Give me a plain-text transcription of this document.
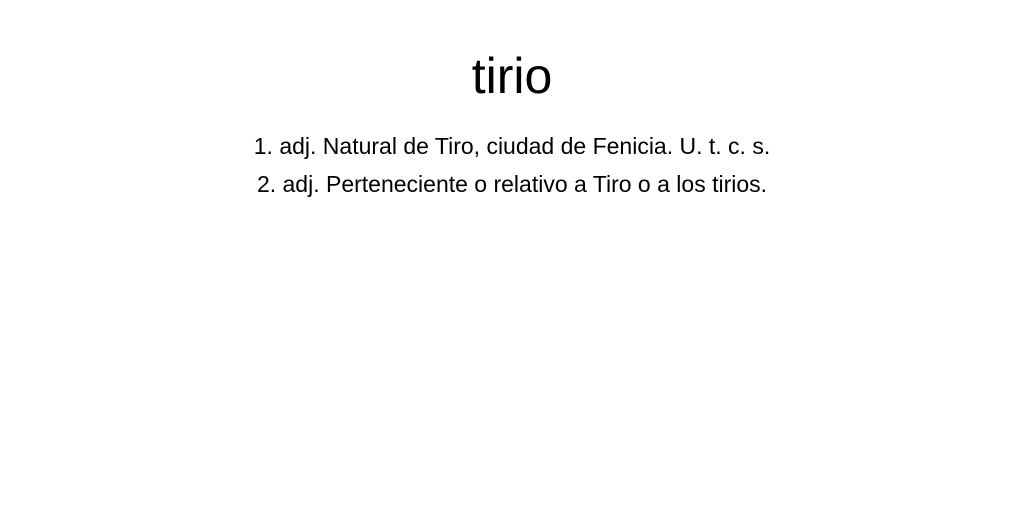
tirio
1. adj. Natural de Tiro, ciudad de Fenicia. U. t. c. s.
2. adj. Perteneciente o relativo a Tiro o a los tirios.
